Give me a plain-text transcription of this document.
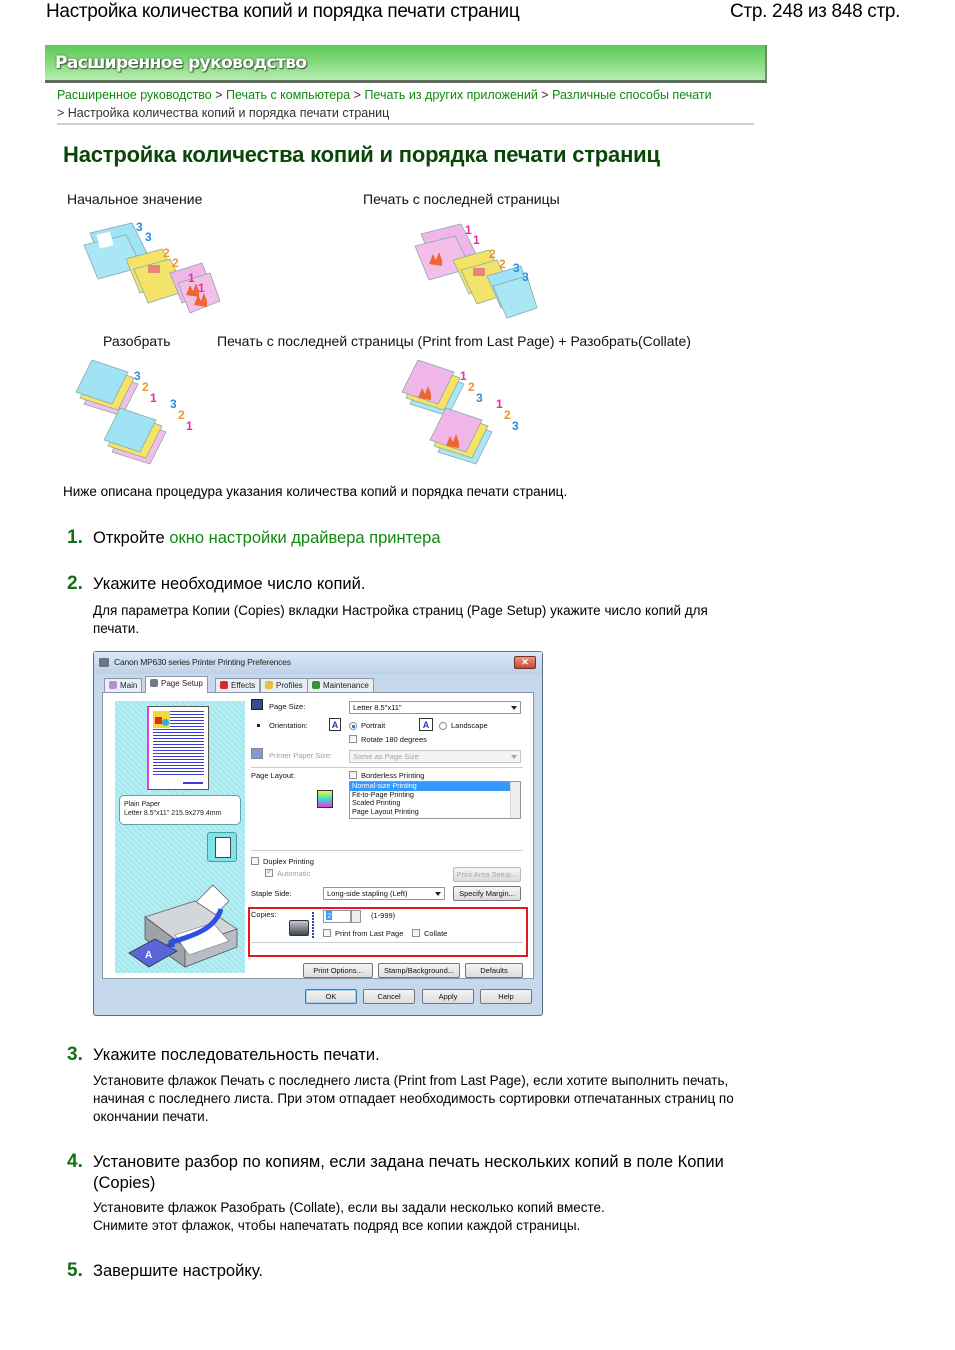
Настройка количества копий и порядка печати страниц	Стр. 248 из 848 стр.
Расширенное руководство
Расширенное руководство > Печать с компьютера > Печать из других приложений > Различные способы печати
> Настройка количества копий и порядка печати страниц
Настройка количества копий и порядка печати страниц
Начальное значение	Печать с последней страницы
Разобрать	Печать с последней страницы (Print from Last Page) + Разобрать(Collate)
3
3
2
2
1
1
1
1
2
2 3
3
3
2
1 3
2
1
1
2
3 1
2
3

Ниже описана процедура указания количества копий и порядка печати страниц.

1. Откройте окно настройки драйвера принтера
2. Укажите необходимое число копий.
Для параметра Копии (Copies) вкладки Настройка страниц (Page Setup) укажите число копий для печати.
Canon MP630 series Printer Printing Preferences	✕
Main	Page Setup	Effects	Profiles	Maintenance
Plain Paper
Letter 8.5"x11" 215.9x279.4mm
A
Page Size:	Letter 8.5"x11"
Orientation:	A	Portrait	A	Landscape
Rotate 180 degrees
Printer Paper Size:	Same as Page Size
Page Layout:	Borderless Printing
Normal-size Printing
Fit-to-Page Printing
Scaled Printing
Page Layout Printing
Duplex Printing
✓
Automatic	Print Area Setup...
Staple Side:	Long-side stapling (Left)	Specify Margin...
Copies:	2	(1-999)
Print from Last Page	Collate
Print Options...	Stamp/Background...	Defaults
OK	Cancel	Apply	Help
3. Укажите последовательность печати.
Установите флажок Печать с последнего листа (Print from Last Page), если хотите выполнить печать, начиная с последнего листа. При этом отпадает необходимость сортировки отпечатанных страниц по окончании печати.
4. Установите разбор по копиям, если задана печать нескольких копий в поле Копии (Copies)
Установите флажок Разобрать (Collate), если вы задали несколько копий вместе.
Снимите этот флажок, чтобы напечатать подряд все копии каждой страницы.
5. Завершите настройку.
